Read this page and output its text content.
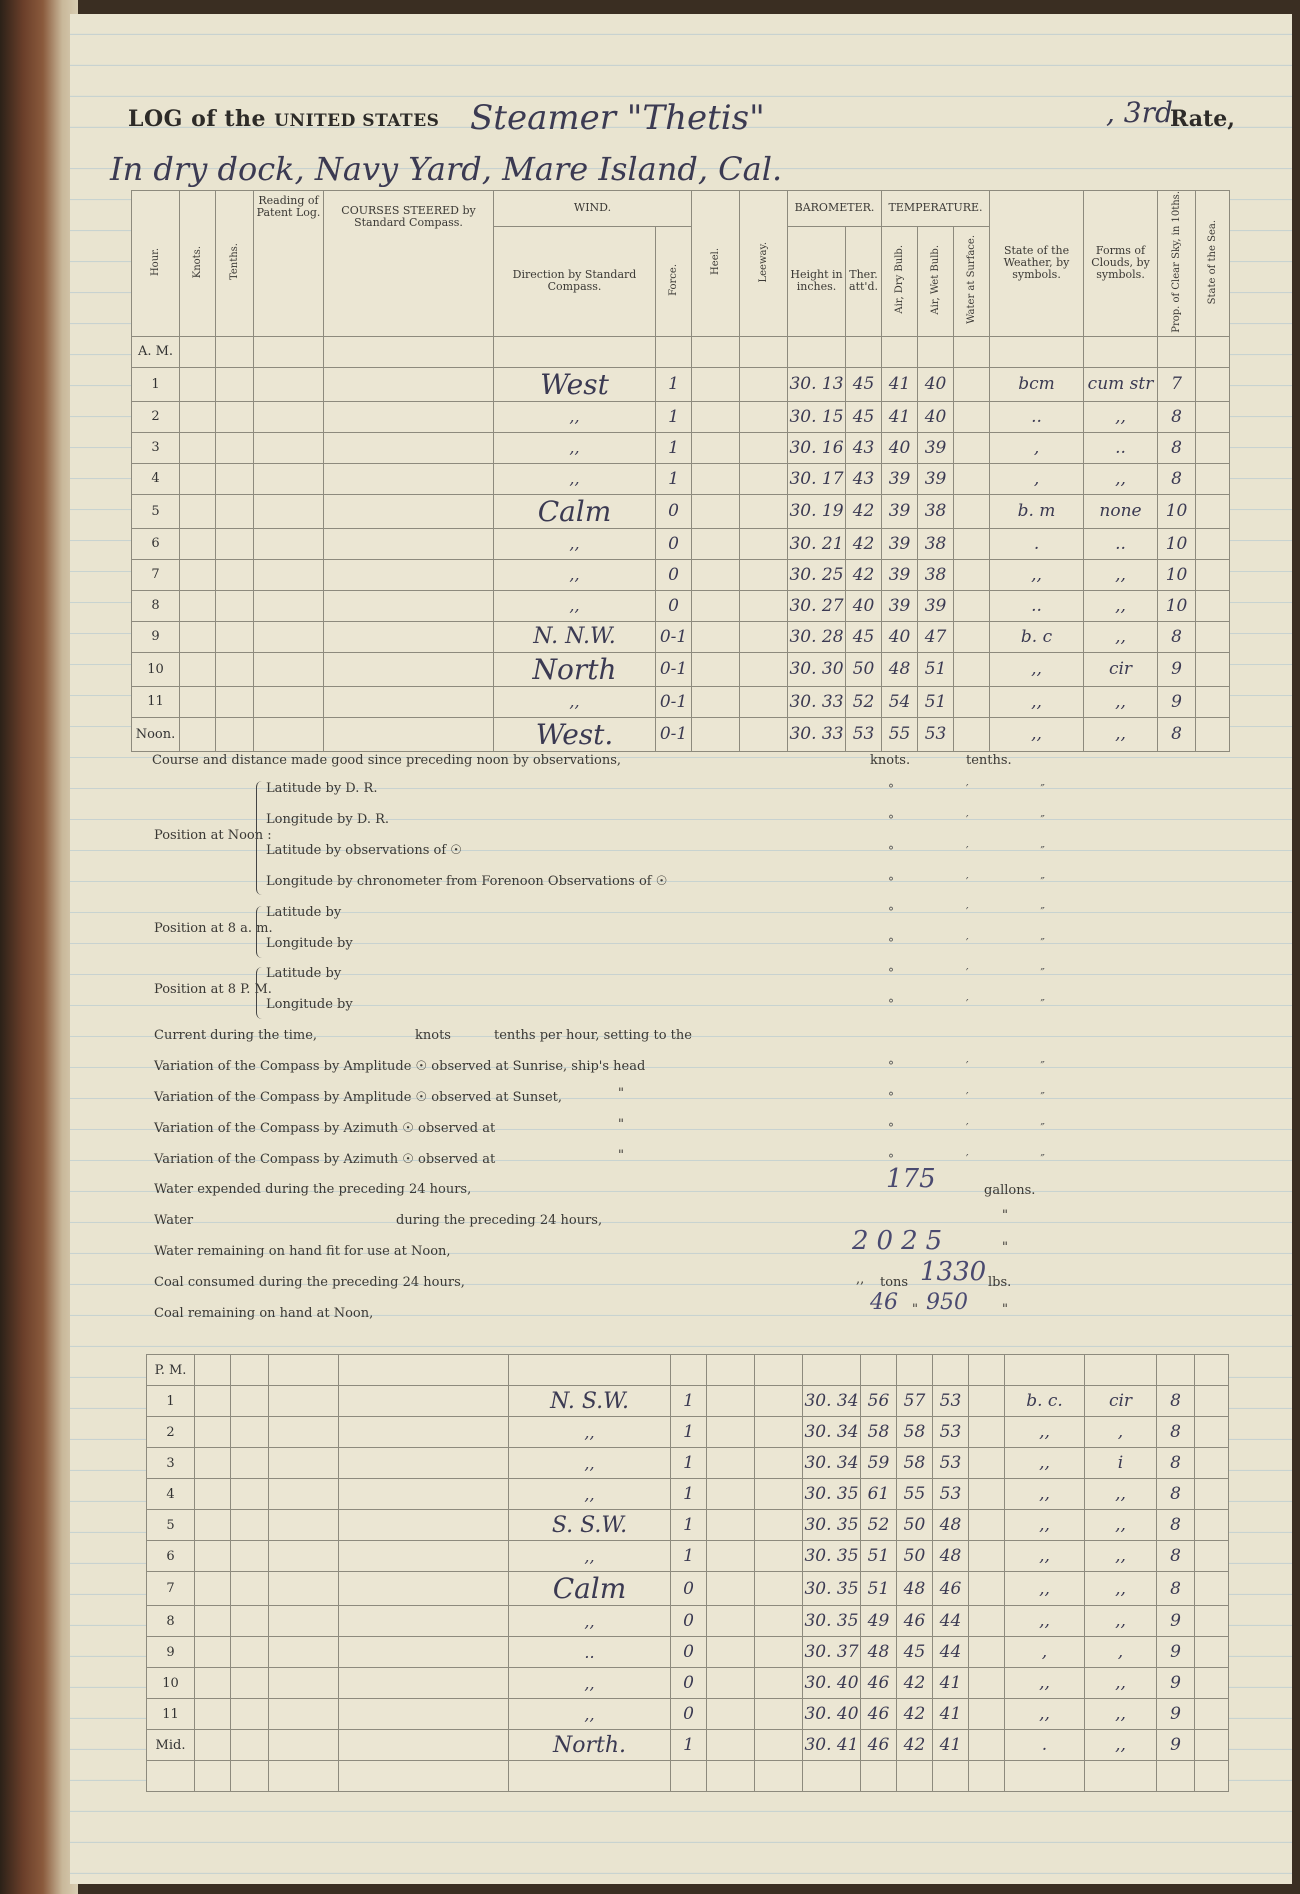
LOG of the UNITED STATES Steamer "Thetis"	, 3rd
Rate,
In dry dock, Navy Yard, Mare Island, Cal.
Hour.	Knots.	Tenths.	Reading of Patent Log.	COURSES STEERED by Standard Compass.	WIND.		Heel.	Leeway.	BAROMETER.		TEMPERATURE.			State of the Weather, by symbols.	Forms of Clouds, by symbols.	Prop. of Clear Sky, in 10ths.	State of the Sea.
					Direction by Standard Compass.	Force.			Height in inches.	Ther. att'd.	Air, Dry Bulb.	Air, Wet Bulb.	Water at Surface.				
A. M.																	
1					West	1			30. 13	45	41	40		bcm	cum str	7	
2					,,	1			30. 15	45	41	40		..	,,	8	
3					,,	1			30. 16	43	40	39		,	..	8	
4					,,	1			30. 17	43	39	39		,	,,	8	
5					Calm	0			30. 19	42	39	38		b. m	none	10	
6					,,	0			30. 21	42	39	38		.	..	10	
7					,,	0			30. 25	42	39	38		,,	,,	10	
8					,,	0			30. 27	40	39	39		..	,,	10	
9					N. N.W.	0-1			30. 28	45	40	47		b. c	,,	8	
10					North	0-1			30. 30	50	48	51		,,	cir	9	
11					,,	0-1			30. 33	52	54	51		,,	,,	9	
Noon.					West.	0-1			30. 33	53	55	53		,,	,,	8	
Course and distance made good since preceding noon by observations,	knots.	tenths.
Position at Noon :
Latitude by D. R.
Longitude by D. R.
Latitude by observations of ☉
Longitude by chronometer from Forenoon Observations of ☉
Position at 8 a. m.
Latitude by
Longitude by
Position at 8 P. M.
Latitude by
Longitude by
Current during the time,	knots	tenths per hour, setting to the
Variation of the Compass by Amplitude ☉ observed at Sunrise, ship's head
Variation of the Compass by Amplitude ☉ observed at Sunset,	"
Variation of the Compass by Azimuth ☉ observed at	"
Variation of the Compass by Azimuth ☉ observed at	"
° ′ ″
° ′ ″
° ′ ″
° ′ ″
° ′ ″
° ′ ″
° ′ ″
° ′ ″
° ′ ″
° ′ ″
° ′ ″
° ′ ″
Water expended during the preceding 24 hours,	175	gallons.
Water	during the preceding 24 hours,	"
Water remaining on hand fit for use at Noon,	2025	"
Coal consumed during the preceding 24 hours,	,, tons 1330 lbs.
Coal remaining on hand at Noon,	46 " 950	"
P. M.																	
1					N. S.W.	1			30. 34	56	57	53		b. c.	cir	8	
2					,,	1			30. 34	58	58	53		,,	,	8	
3					,,	1			30. 34	59	58	53		,,	i	8	
4					,,	1			30. 35	61	55	53		,,	,,	8	
5					S. S.W.	1			30. 35	52	50	48		,,	,,	8	
6					,,	1			30. 35	51	50	48		,,	,,	8	
7					Calm	0			30. 35	51	48	46		,,	,,	8	
8					,,	0			30. 35	49	46	44		,,	,,	9	
9					..	0			30. 37	48	45	44		,	,	9	
10					,,	0			30. 40	46	42	41		,,	,,	9	
11					,,	0			30. 40	46	42	41		,,	,,	9	
Mid.					North.	1			30. 41	46	42	41		.	,,	9	
